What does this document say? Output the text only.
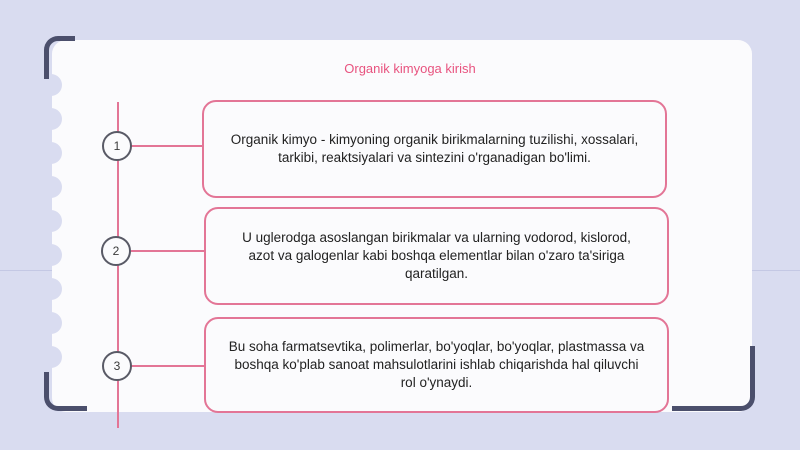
Organik kimyoga kirish
1
2
3
Organik kimyo - kimyoning organik birikmalarning tuzilishi, xossalari, tarkibi, reaktsiyalari va sintezini o'rganadigan bo'limi.
U uglerodga asoslangan birikmalar va ularning vodorod, kislorod, azot va galogenlar kabi boshqa elementlar bilan o'zaro ta'siriga qaratilgan.
Bu soha farmatsevtika, polimerlar, bo'yoqlar, bo'yoqlar, plastmassa va boshqa ko'plab sanoat mahsulotlarini ishlab chiqarishda hal qiluvchi rol o'ynaydi.
